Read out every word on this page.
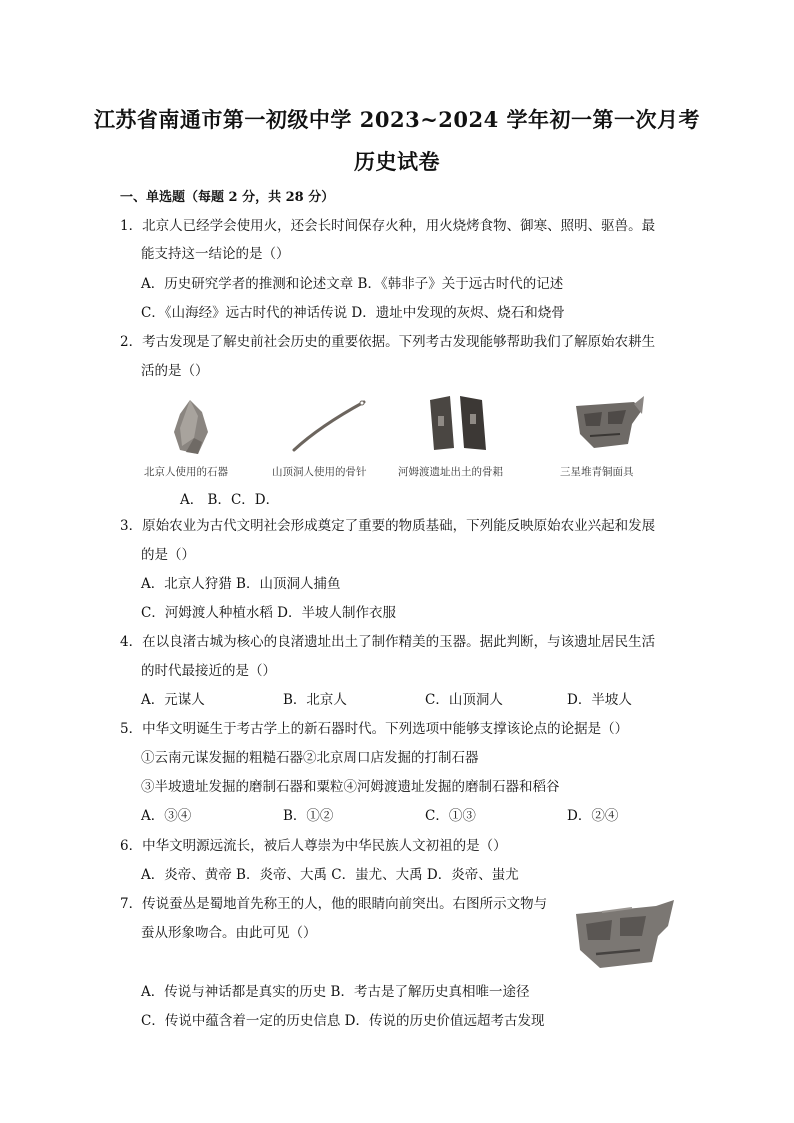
江苏省南通市第一初级中学 2023~2024 学年初一第一次月考
历史试卷
一、单选题（每题 2 分，共 28 分）
1．北京人已经学会使用火，还会长时间保存火种，用火烧烤食物、御寒、照明、驱兽。最
能支持这一结论的是（）
A．历史研究学者的推测和论述文章 B．《韩非子》关于远古时代的记述
C．《山海经》远古时代的神话传说 D．遗址中发现的灰烬、烧石和烧骨
2．考古发现是了解史前社会历史的重要依据。下列考古发现能够帮助我们了解原始农耕生
活的是（）
北京人使用的石器	山顶洞人使用的骨针	河姆渡遗址出土的骨耜	三星堆青铜面具
A． B．C．D．
3．原始农业为古代文明社会形成奠定了重要的物质基础，下列能反映原始农业兴起和发展
的是（）
A．北京人狩猎 B．山顶洞人捕鱼
C．河姆渡人种植水稻 D．半坡人制作衣服
4．在以良渚古城为核心的良渚遗址出土了制作精美的玉器。据此判断，与该遗址居民生活
的时代最接近的是（）
A．元谋人	B．北京人	C．山顶洞人	D．半坡人
5．中华文明诞生于考古学上的新石器时代。下列选项中能够支撑该论点的论据是（）
①云南元谋发掘的粗糙石器②北京周口店发掘的打制石器
③半坡遗址发掘的磨制石器和粟粒④河姆渡遗址发掘的磨制石器和稻谷
A．③④	B．①②	C．①③	D．②④
6．中华文明源远流长，被后人尊崇为中华民族人文初祖的是（）
A．炎帝、黄帝 B．炎帝、大禹 C．蚩尤、大禹 D．炎帝、蚩尤
7．传说蚕丛是蜀地首先称王的人，他的眼睛向前突出。右图所示文物与
蚕从形象吻合。由此可见（）
A．传说与神话都是真实的历史 B．考古是了解历史真相唯一途径
C．传说中蕴含着一定的历史信息 D．传说的历史价值远超考古发现
